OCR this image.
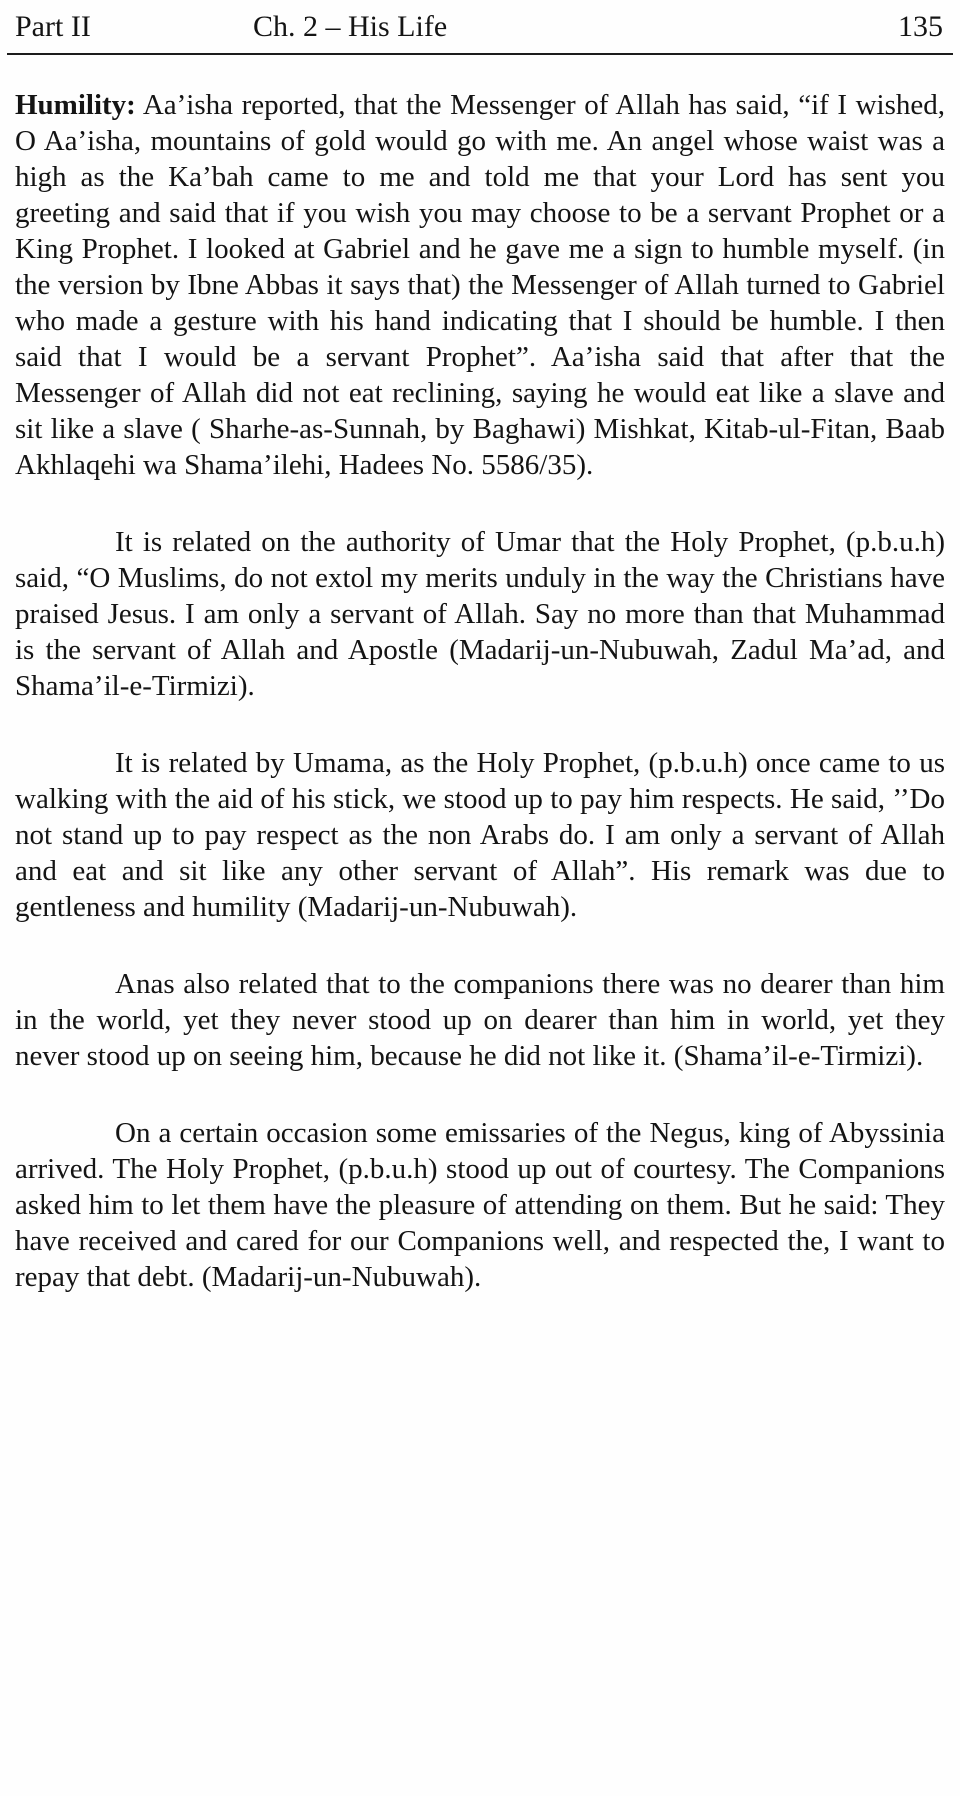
Part II	Ch. 2 – His Life	135

Humility: Aa’isha reported, that the Messenger of Allah has said, “if I wished, O Aa’isha, mountains of gold would go with me. An angel whose waist was a high as the Ka’bah came to me and told me that your Lord has sent you greeting and said that if you wish you may choose to be a servant Prophet or a King Prophet. I looked at Gabriel and he gave me a sign to humble myself. (in the version by Ibne Abbas it says that) the Messenger of Allah turned to Gabriel who made a gesture with his hand indicating that I should be humble. I then said that I would be a servant Prophet”. Aa’isha said that after that the Messenger of Allah did not eat reclining, saying he would eat like a slave and sit like a slave ( Sharhe-as-Sunnah, by Baghawi) Mishkat, Kitab-ul-Fitan, Baab Akhlaqehi wa Shama’ilehi, Hadees No. 5586/35).

It is related on the authority of Umar that the Holy Prophet, (p.b.u.h) said, “O Muslims, do not extol my merits unduly in the way the Christians have praised Jesus. I am only a servant of Allah. Say no more than that Muhammad is the servant of Allah and Apostle (Madarij-un-Nubuwah, Zadul Ma’ad, and Shama’il-e-Tirmizi).

It is related by Umama, as the Holy Prophet, (p.b.u.h) once came to us walking with the aid of his stick, we stood up to pay him respects. He said, ’’Do not stand up to pay respect as the non Arabs do. I am only a servant of Allah and eat and sit like any other servant of Allah”. His remark was due to gentleness and humility (Madarij-un-Nubuwah).

Anas also related that to the companions there was no dearer than him in the world, yet they never stood up on dearer than him in world, yet they never stood up on seeing him, because he did not like it. (Shama’il-e-Tirmizi).

On a certain occasion some emissaries of the Negus, king of Abyssinia arrived. The Holy Prophet, (p.b.u.h) stood up out of courtesy. The Companions asked him to let them have the pleasure of attending on them. But he said: They have received and cared for our Companions well, and respected the, I want to repay that debt. (Madarij-un-Nubuwah).
